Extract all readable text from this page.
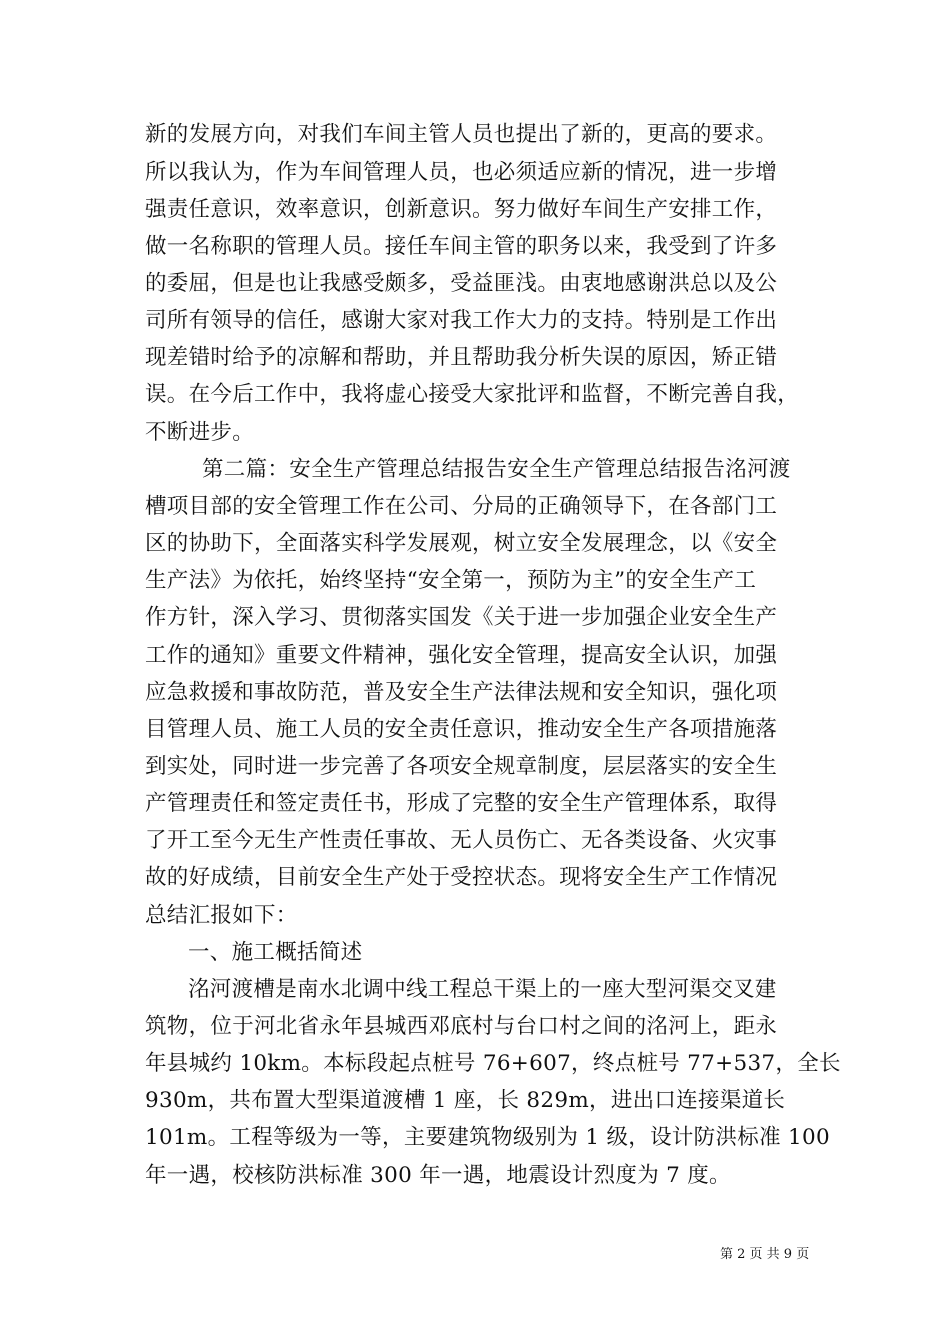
新的发展方向，对我们车间主管人员也提出了新的，更高的要求。
所以我认为，作为车间管理人员，也必须适应新的情况，进一步增
强责任意识，效率意识，创新意识。努力做好车间生产安排工作，
做一名称职的管理人员。接任车间主管的职务以来，我受到了许多
的委屈，但是也让我感受颇多，受益匪浅。由衷地感谢洪总以及公
司所有领导的信任，感谢大家对我工作大力的支持。特别是工作出
现差错时给予的凉解和帮助，并且帮助我分析失误的原因，矫正错
误。在今后工作中，我将虚心接受大家批评和监督，不断完善自我，
不断进步。
第二篇：安全生产管理总结报告安全生产管理总结报告洺河渡
槽项目部的安全管理工作在公司、分局的正确领导下，在各部门工
区的协助下，全面落实科学发展观，树立安全发展理念，以《安全
生产法》为依托，始终坚持“安全第一，预防为主”的安全生产工
作方针，深入学习、贯彻落实国发《关于进一步加强企业安全生产
工作的通知》重要文件精神，强化安全管理，提高安全认识，加强
应急救援和事故防范，普及安全生产法律法规和安全知识，强化项
目管理人员、施工人员的安全责任意识，推动安全生产各项措施落
到实处，同时进一步完善了各项安全规章制度，层层落实的安全生
产管理责任和签定责任书，形成了完整的安全生产管理体系，取得
了开工至今无生产性责任事故、无人员伤亡、无各类设备、火灾事
故的好成绩，目前安全生产处于受控状态。现将安全生产工作情况
总结汇报如下：
一、施工概括简述
洺河渡槽是南水北调中线工程总干渠上的一座大型河渠交叉建
筑物，位于河北省永年县城西邓底村与台口村之间的洺河上，距永
年县城约 10km。本标段起点桩号 76+607，终点桩号 77+537，全长
930m，共布置大型渠道渡槽 1 座，长 829m，进出口连接渠道长
101m。工程等级为一等，主要建筑物级别为 1 级，设计防洪标准 100
年一遇，校核防洪标准 300 年一遇，地震设计烈度为 7 度。
第 2 页 共 9 页
